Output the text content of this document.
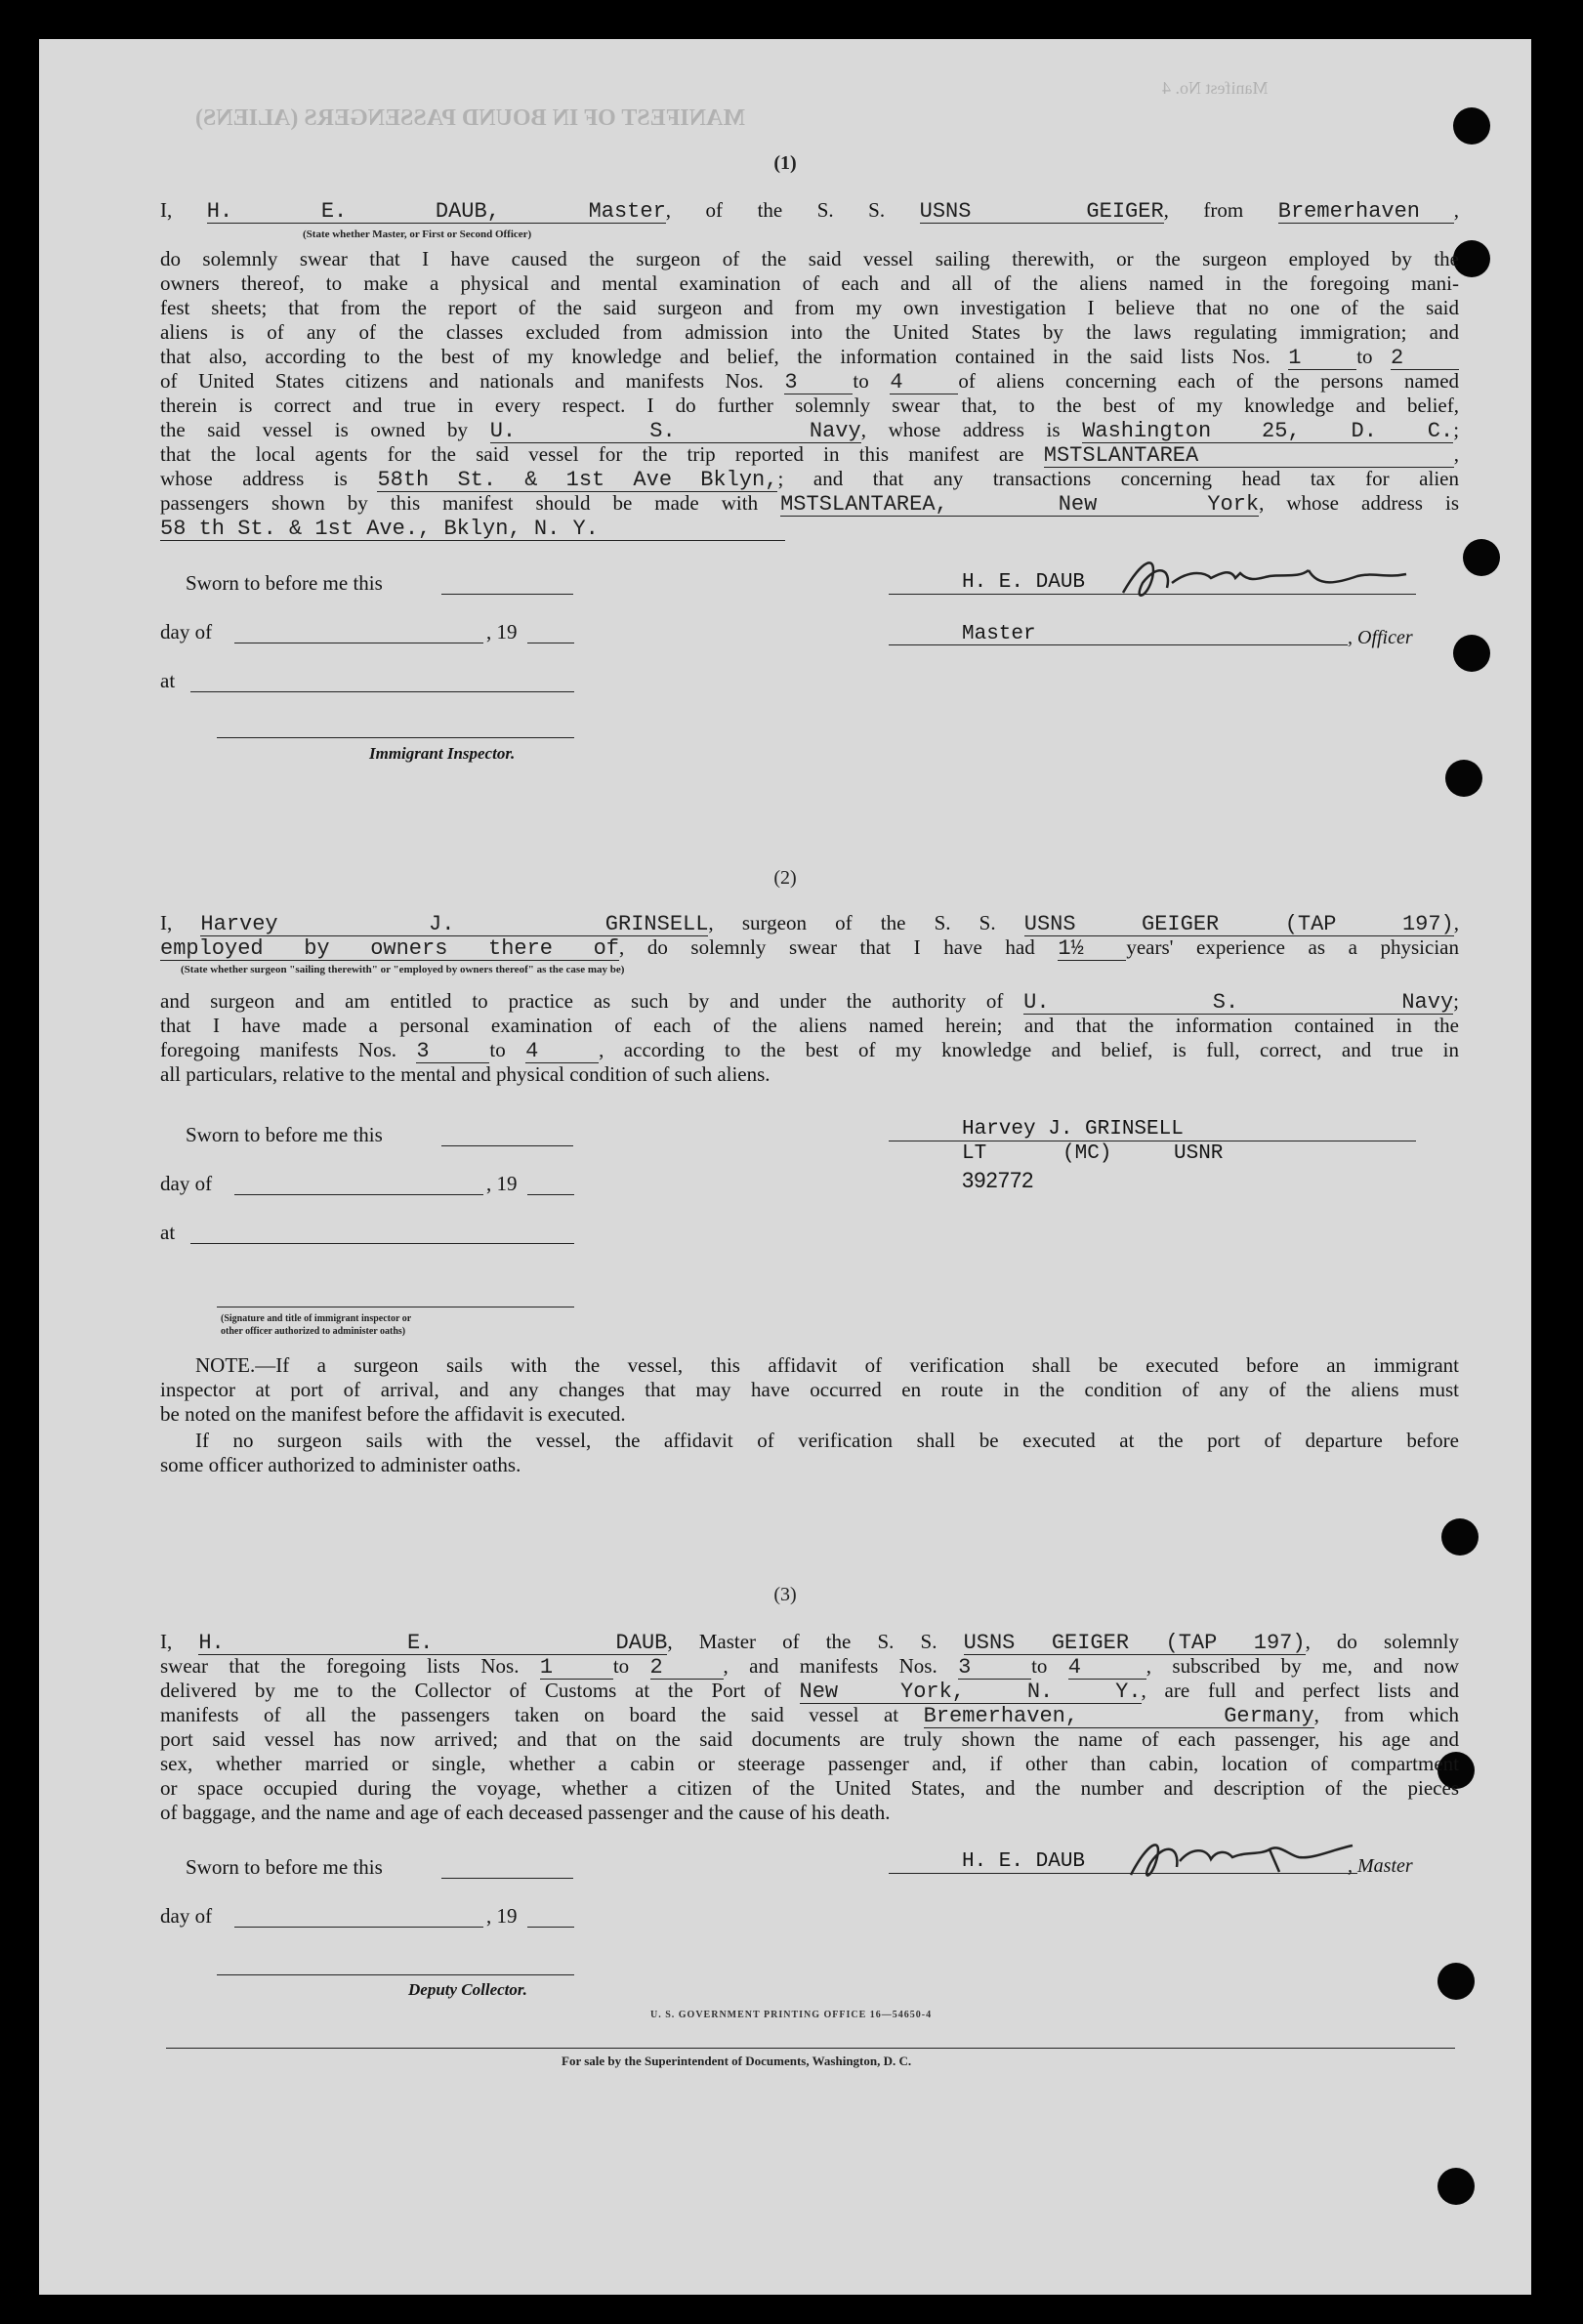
MANIFEST OF IN BOUND PASSENGERS (ALIENS)
Manifest No. 4
(1)
I, H. E. DAUB, Master, of the S. S. USNS GEIGER, from Bremerhaven ,
(State whether Master, or First or Second Officer)
do solemnly swear that I have caused the surgeon of the said vessel sailing therewith, or the surgeon employed by the
owners thereof, to make a physical and mental examination of each and all of the aliens named in the foregoing mani-
fest sheets; that from the report of the said surgeon and from my own investigation I believe that no one of the said
aliens is of any of the classes excluded from admission into the United States by the laws regulating immigration; and
that also, according to the best of my knowledge and belief, the information contained in the said lists Nos. 1	to 2
of United States citizens and nationals and manifests Nos. 3	to 4	of aliens concerning each of the persons named
therein is correct and true in every respect. I do further solemnly swear that, to the best of my knowledge and belief,
the said vessel is owned by U. S. Navy, whose address is Washington 25, D. C.;
that the local agents for the said vessel for the trip reported in this manifest are MSTSLANTAREA	,
whose address is 58th St. & 1st Ave Bklyn,; and that any transactions concerning head tax for alien
passengers shown by this manifest should be made with MSTSLANTAREA, New York, whose address is
58 th St. & 1st Ave., Bklyn, N. Y.
Sworn to before me this
day of	, 19
at
Immigrant Inspector.
H. E. DAUB
Master	, Officer
(2)
I, Harvey J. GRINSELL, surgeon of the S. S. USNS GEIGER (TAP 197),
employed by owners there of, do solemnly swear that I have had 1½ years' experience as a physician
(State whether surgeon "sailing therewith" or "employed by owners thereof" as the case may be)
and surgeon and am entitled to practice as such by and under the authority of U. S. Navy;
that I have made a personal examination of each of the aliens named herein; and that the information contained in the
foregoing manifests Nos. 3	to 4	, according to the best of my knowledge and belief, is full, correct, and true in
all particulars, relative to the mental and physical condition of such aliens.
Sworn to before me this
day of	, 19
at
(Signature and title of immigrant inspector or
other officer authorized to administer oaths)
Harvey J. GRINSELL
LT	(MC)	USNR
392772
NOTE.—If a surgeon sails with the vessel, this affidavit of verification shall be executed before an immigrant
inspector at port of arrival, and any changes that may have occurred en route in the condition of any of the aliens must
be noted on the manifest before the affidavit is executed.
If no surgeon sails with the vessel, the affidavit of verification shall be executed at the port of departure before
some officer authorized to administer oaths.
(3)
I, H. E. DAUB, Master of the S. S. USNS GEIGER (TAP 197), do solemnly
swear that the foregoing lists Nos. 1	to 2	, and manifests Nos. 3	to 4	, subscribed by me, and now
delivered by me to the Collector of Customs at the Port of New York, N. Y., are full and perfect lists and
manifests of all the passengers taken on board the said vessel at Bremerhaven, Germany, from which
port said vessel has now arrived; and that on the said documents are truly shown the name of each passenger, his age and
sex, whether married or single, whether a cabin or steerage passenger and, if other than cabin, location of compartment
or space occupied during the voyage, whether a citizen of the United States, and the number and description of the pieces
of baggage, and the name and age of each deceased passenger and the cause of his death.
Sworn to before me this
day of	, 19
Deputy Collector.
H. E. DAUB	, Master
U. S. GOVERNMENT PRINTING OFFICE 16—54650-4
For sale by the Superintendent of Documents, Washington, D. C.
